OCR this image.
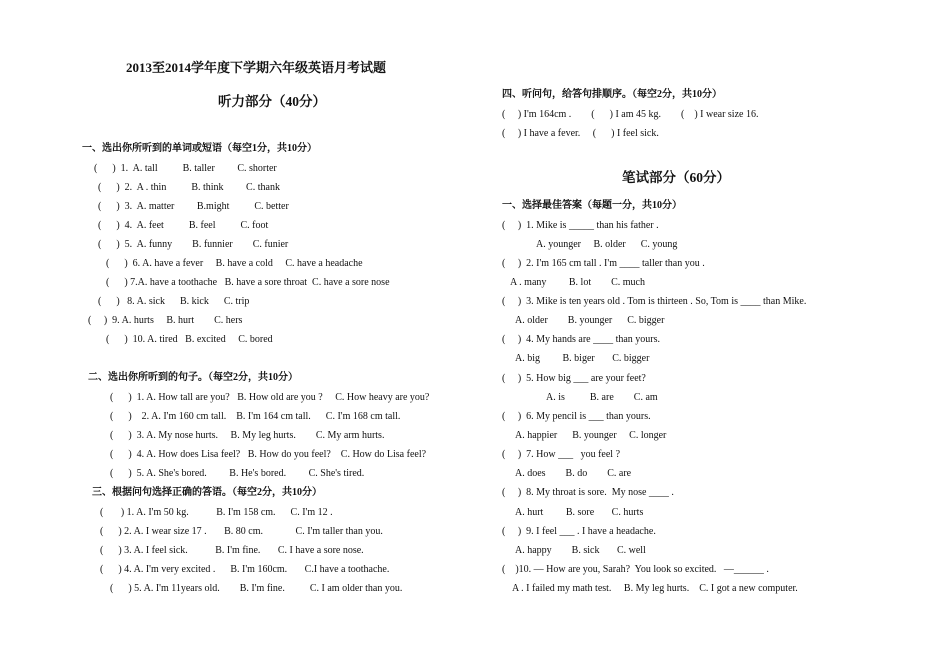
2013至2014学年度下学期六年级英语月考试题
听力部分（40分）
一、选出你所听到的单词或短语（每空1分，共10分）
(      )  1.  A. tall          B. taller         C. shorter
(      )  2.  A . thin          B. think         C. thank
(      )  3.  A. matter         B.might          C. better
(      )  4.  A. feet          B. feel          C. foot
(      )  5.  A. funny        B. funnier        C. funier
(      )  6. A. have a fever     B. have a cold     C. have a headache
(      ) 7.A. have a toothache   B. have a sore throat  C. have a sore nose
(      )   8. A. sick      B. kick      C. trip
(     )  9. A. hurts     B. hurt        C. hers
(      )  10. A. tired   B. excited     C. bored
二、选出你所听到的句子。（每空2分，共10分）
(      )  1. A. How tall are you?   B. How old are you ?     C. How heavy are you?
(      )    2. A. I'm 160 cm tall.    B. I'm 164 cm tall.      C. I'm 168 cm tall.
(      )  3. A. My nose hurts.     B. My leg hurts.        C. My arm hurts.
(      )  4. A. How does Lisa feel?   B. How do you feel?    C. How do Lisa feel?
(      )  5. A. She's bored.         B. He's bored.         C. She's tired.
三、根据问句选择正确的答语。（每空2分，共10分）
(       ) 1. A. I'm 50 kg.           B. I'm 158 cm.      C. I'm 12 .
(      ) 2. A. I wear size 17 .       B. 80 cm.             C. I'm taller than you.
(      ) 3. A. I feel sick.           B. I'm fine.       C. I have a sore nose.
(      ) 4. A. I'm very excited .      B. I'm 160cm.       C.I have a toothache.
(      ) 5. A. I'm 11years old.        B. I'm fine.          C. I am older than you.
四、听问句，给答句排顺序。（每空2分，共10分）
(     ) I'm 164cm .        (      ) I am 45 kg.        (    ) I wear size 16.
(     ) I have a fever.     (      ) I feel sick.
笔试部分（60分）
一、选择最佳答案（每题一分，共10分）
(     )  1. Mike is _____ than his father .
A. younger     B. older      C. young
(     )  2. I'm 165 cm tall . I'm ____ taller than you .
A . many         B. lot        C. much
(     )  3. Mike is ten years old . Tom is thirteen . So, Tom is ____ than Mike.
A. older        B. younger      C. bigger
(     )  4. My hands are ____ than yours.
A. big         B. biger       C. bigger
(     )  5. How big ___ are your feet?
A. is          B. are        C. am
(     )  6. My pencil is ___ than yours.
A. happier      B. younger     C. longer
(     )  7. How ___   you feel ?
A. does        B. do        C. are
(     )  8. My throat is sore.  My nose ____ .
A. hurt         B. sore       C. hurts
(     )  9. I feel ___ . I have a headache.
A. happy        B. sick       C. well
(    )10. — How are you, Sarah?  You look so excited.   —______ .
A . I failed my math test.     B. My leg hurts.    C. I got a new computer.
